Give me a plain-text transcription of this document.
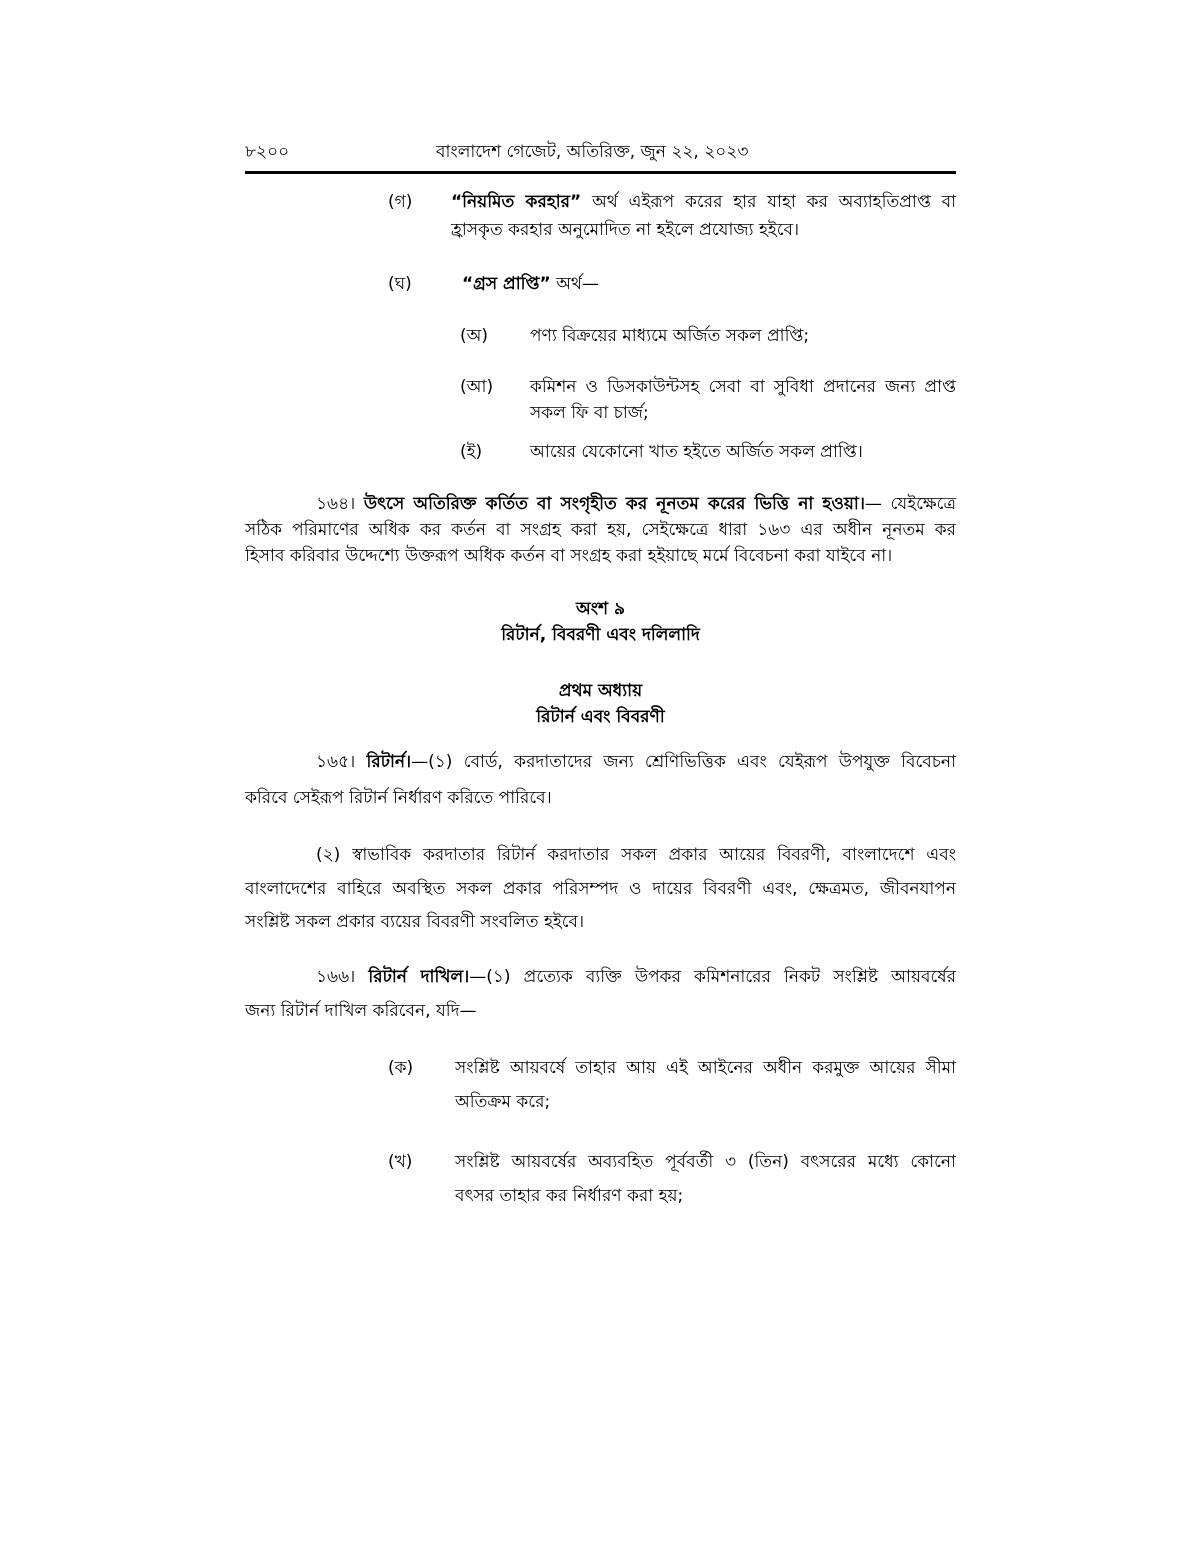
৮২০০	বাংলাদেশ গেজেট, অতিরিক্ত, জুন ২২, ২০২৩
(গ) “নিয়মিত করহার” অর্থ এইরূপ করের হার যাহা কর অব্যাহতিপ্রাপ্ত বা
হ্রাসকৃত করহার অনুমোদিত না হইলে প্রযোজ্য হইবে।
(ঘ)	“গ্রস প্রাপ্তি” অর্থ—
(অ) পণ্য বিক্রয়ের মাধ্যমে অর্জিত সকল প্রাপ্তি;
(আ) কমিশন ও ডিসকাউন্টসহ সেবা বা সুবিধা প্রদানের জন্য প্রাপ্ত
সকল ফি বা চার্জ;
(ই)	আয়ের যেকোনো খাত হইতে অর্জিত সকল প্রাপ্তি।
১৬৪। উৎসে অতিরিক্ত কর্তিত বা সংগৃহীত কর নূনতম করের ভিত্তি না হওয়া।— যেইক্ষেত্রে
সঠিক পরিমাণের অধিক কর কর্তন বা সংগ্রহ করা হয়, সেইক্ষেত্রে ধারা ১৬৩ এর অধীন নূনতম কর
হিসাব করিবার উদ্দেশ্যে উক্তরূপ অধিক কর্তন বা সংগ্রহ করা হইয়াছে মর্মে বিবেচনা করা যাইবে না।
অংশ ৯
রিটার্ন, বিবরণী এবং দলিলাদি
প্রথম অধ্যায়
রিটার্ন এবং বিবরণী
১৬৫। রিটার্ন।—(১) বোর্ড, করদাতাদের জন্য শ্রেণিভিত্তিক এবং যেইরূপ উপযুক্ত বিবেচনা
করিবে সেইরূপ রিটার্ন নির্ধারণ করিতে পারিবে।
(২) স্বাভাবিক করদাতার রিটার্ন করদাতার সকল প্রকার আয়ের বিবরণী, বাংলাদেশে এবং
বাংলাদেশের বাহিরে অবস্থিত সকল প্রকার পরিসম্পদ ও দায়ের বিবরণী এবং, ক্ষেত্রমত, জীবনযাপন
সংশ্লিষ্ট সকল প্রকার ব্যয়ের বিবরণী সংবলিত হইবে।
১৬৬। রিটার্ন দাখিল।—(১) প্রত্যেক ব্যক্তি উপকর কমিশনারের নিকট সংশ্লিষ্ট আয়বর্ষের
জন্য রিটার্ন দাখিল করিবেন, যদি—
(ক) সংশ্লিষ্ট আয়বর্ষে তাহার আয় এই আইনের অধীন করমুক্ত আয়ের সীমা
অতিক্রম করে;
(খ)	সংশ্লিষ্ট আয়বর্ষের অব্যবহিত পূর্ববর্তী ৩ (তিন) বৎসরের মধ্যে কোনো
বৎসর তাহার কর নির্ধারণ করা হয়;
